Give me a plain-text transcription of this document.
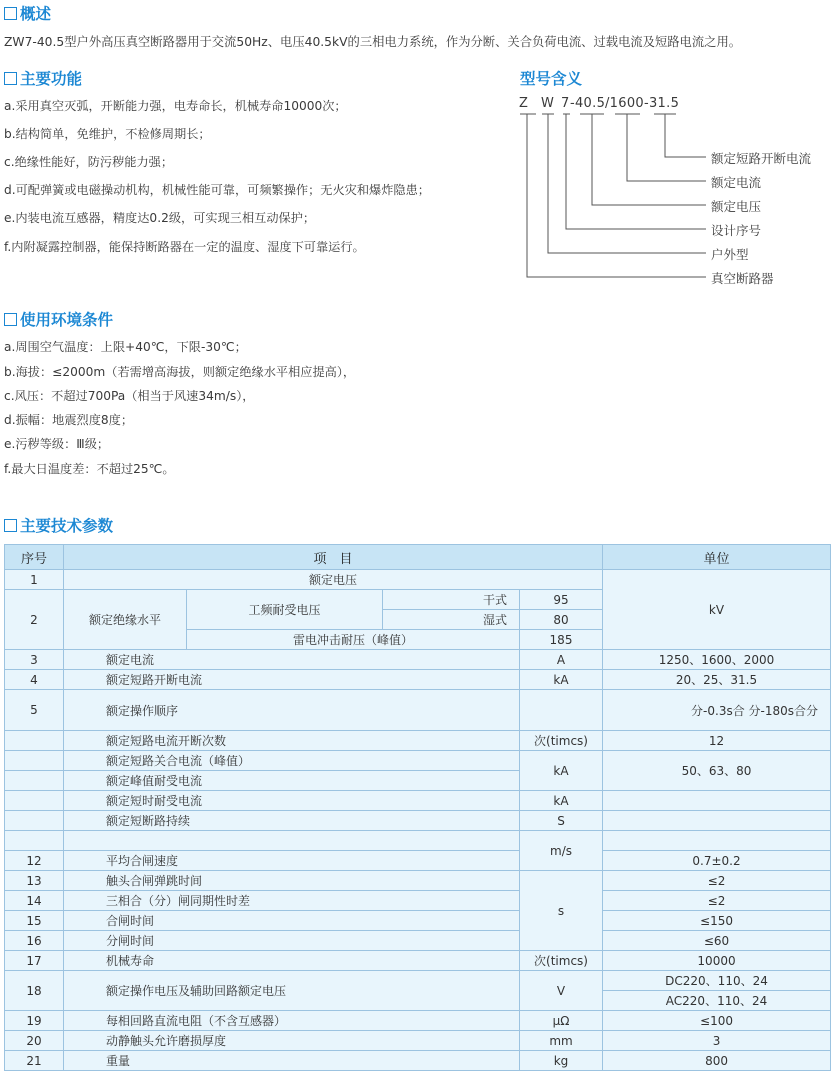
概述
ZW7-40.5型户外高压真空断路器用于交流50Hz、电压40.5kV的三相电力系统，作为分断、关合负荷电流、过载电流及短路电流之用。
主要功能
a.采用真空灭弧，开断能力强，电寿命长，机械寿命10000次；
b.结构简单，免维护，不检修周期长；
c.绝缘性能好，防污秽能力强；
d.可配弹簧或电磁操动机构，机械性能可靠，可频繁操作；无火灾和爆炸隐患；
e.内装电流互感器，精度达0.2级，可实现三相互动保护；
f.内附凝露控制器，能保持断路器在一定的温度、湿度下可靠运行。
型号含义
Z W 7 -40.5 /1600 -31.5
额定短路开断电流
额定电流
额定电压
设计序号
户外型
真空断路器
使用环境条件
a.周围空气温度：上限+40℃，下限-30℃；
b.海拔：≤2000m（若需增高海拔，则额定绝缘水平相应提高），
c.风压：不超过700Pa（相当于风速34m/s），
d.振幅：地震烈度8度；
e.污秽等级：Ⅲ级；
f.最大日温度差：不超过25℃。
主要技术参数
序号	项　目				单位	
1	额定电压				kV	
2	额定绝缘水平	工频耐受电压	干式	95		
			湿式	80		
		雷电冲击耐压（峰值）		185		
3	额定电流			A	1250、1600、2000	
4	额定短路开断电流			kA	20、25、31.5	
5	额定操作顺序				分-0.3s合 分-180s合分	
	额定短路电流开断次数			次(timcs)	12	
	额定短路关合电流（峰值）			kA	50、63、80	
	额定峰值耐受电流					
	额定短时耐受电流			kA		
	额定短断路持续			S		
				m/s		
12	平均合闸速度				0.7±0.2	
13	触头合闸弹跳时间			s	≤2	
14	三相合（分）闸同期性时差				≤2	
15	合闸时间				≤150	
16	分闸时间				≤60	
17	机械寿命			次(timcs)	10000	
18	额定操作电压及辅助回路额定电压			V	DC220、110、24	
					AC220、110、24	
19	每相回路直流电阻（不含互感器）			μΩ	≤100	
20	动静触头允许磨损厚度			mm	3	
21	重量			kg	800	
